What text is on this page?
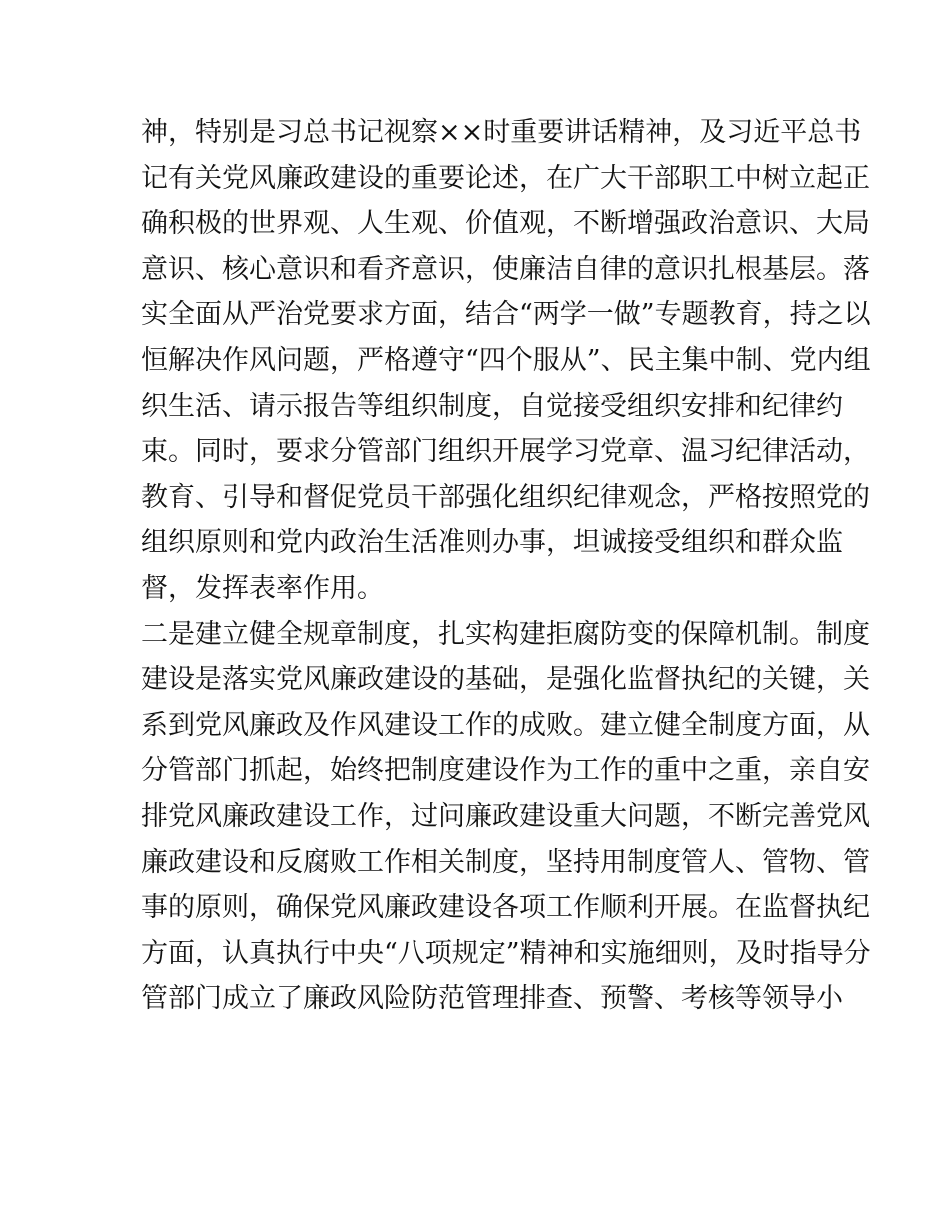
神，特别是习总书记视察××时重要讲话精神，及习近平总书
记有关党风廉政建设的重要论述，在广大干部职工中树立起正
确积极的世界观、人生观、价值观，不断增强政治意识、大局
意识、核心意识和看齐意识，使廉洁自律的意识扎根基层。落
实全面从严治党要求方面，结合“两学一做”专题教育，持之以
恒解决作风问题，严格遵守“四个服从”、民主集中制、党内组
织生活、请示报告等组织制度，自觉接受组织安排和纪律约
束。同时，要求分管部门组织开展学习党章、温习纪律活动，
教育、引导和督促党员干部强化组织纪律观念，严格按照党的
组织原则和党内政治生活准则办事，坦诚接受组织和群众监
督，发挥表率作用。
二是建立健全规章制度，扎实构建拒腐防变的保障机制。制度
建设是落实党风廉政建设的基础，是强化监督执纪的关键，关
系到党风廉政及作风建设工作的成败。建立健全制度方面，从
分管部门抓起，始终把制度建设作为工作的重中之重，亲自安
排党风廉政建设工作，过问廉政建设重大问题，不断完善党风
廉政建设和反腐败工作相关制度，坚持用制度管人、管物、管
事的原则，确保党风廉政建设各项工作顺利开展。在监督执纪
方面，认真执行中央“八项规定”精神和实施细则，及时指导分
管部门成立了廉政风险防范管理排查、预警、考核等领导小
